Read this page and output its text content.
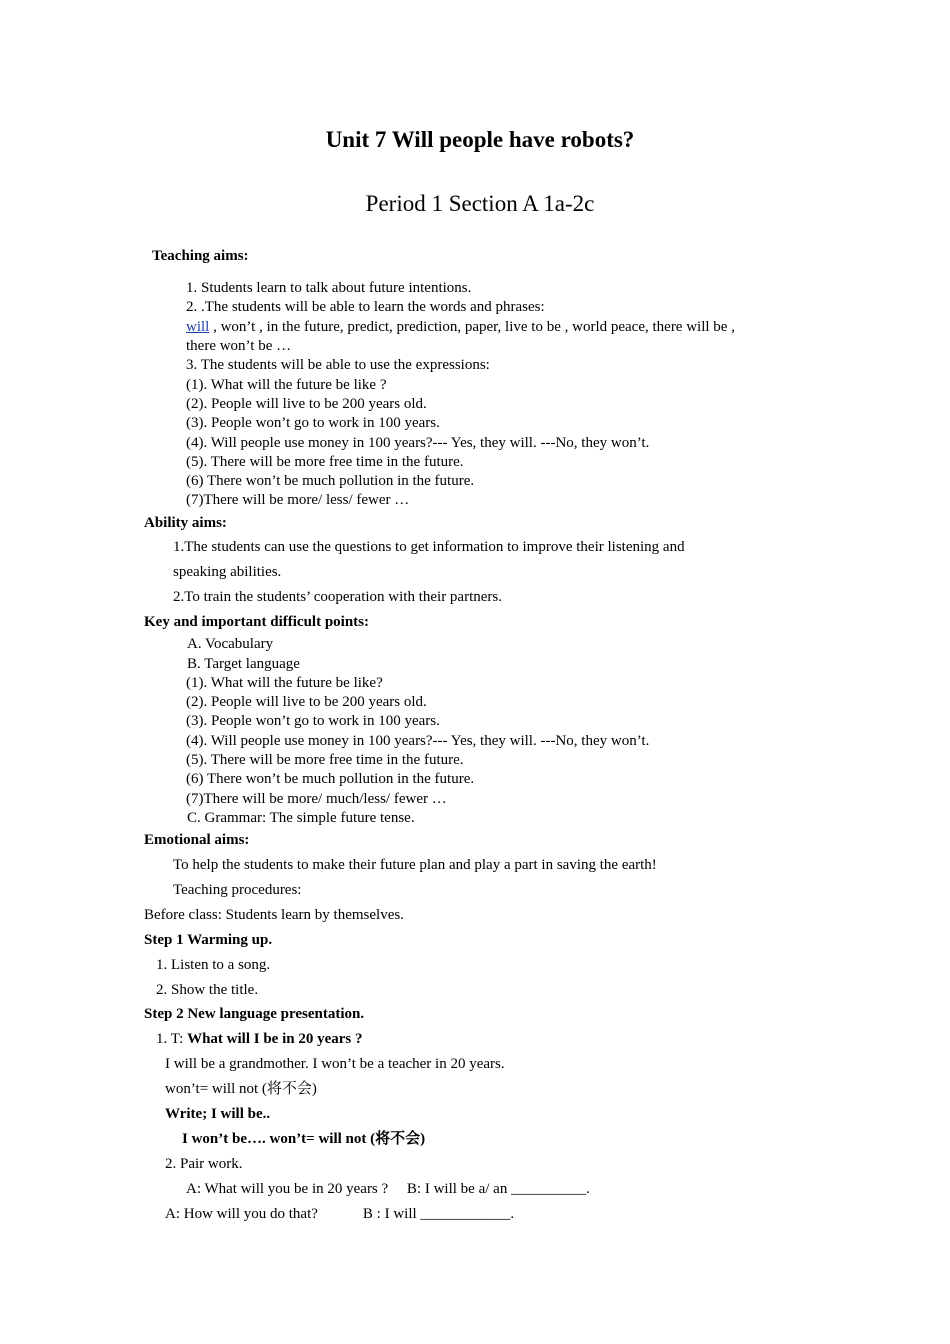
Unit 7 Will people have robots?
Period 1 Section A 1a-2c
Teaching aims:
1. Students learn to talk about future intentions.
2. .The students will be able to learn the words and phrases:
will , won’t , in the future, predict, prediction, paper, live to be , world peace, there will be ,
there won’t be …
3. The students will be able to use the expressions:
(1). What will the future be like ?
(2). People will live to be 200 years old.
(3). People won’t go to work in 100 years.
(4). Will people use money in 100 years?--- Yes, they will. ---No, they won’t.
(5). There will be more free time in the future.
(6) There won’t be much pollution in the future.
(7)There will be more/ less/ fewer …
Ability aims:
1.The students can use the questions to get information to improve their listening and
speaking abilities.
2.To train the students’ cooperation with their partners.
Key and important difficult points:
A. Vocabulary
B. Target language
(1). What will the future be like?
(2). People will live to be 200 years old.
(3). People won’t go to work in 100 years.
(4). Will people use money in 100 years?--- Yes, they will. ---No, they won’t.
(5). There will be more free time in the future.
(6) There won’t be much pollution in the future.
(7)There will be more/ much/less/ fewer …
C. Grammar: The simple future tense.
Emotional aims:
To help the students to make their future plan and play a part in saving the earth!
Teaching procedures:
Before class: Students learn by themselves.
Step 1 Warming up.
1. Listen to a song.
2. Show the title.
Step 2 New language presentation.
1. T: What will I be in 20 years ?
I will be a grandmother. I won’t be a teacher in 20 years.
won’t= will not (将不会)
Write; I will be..
I won’t be…. won’t= will not (将不会)
2. Pair work.
A: What will you be in 20 years ?     B: I will be a/ an __________.
A: How will you do that?            B : I will ____________.
